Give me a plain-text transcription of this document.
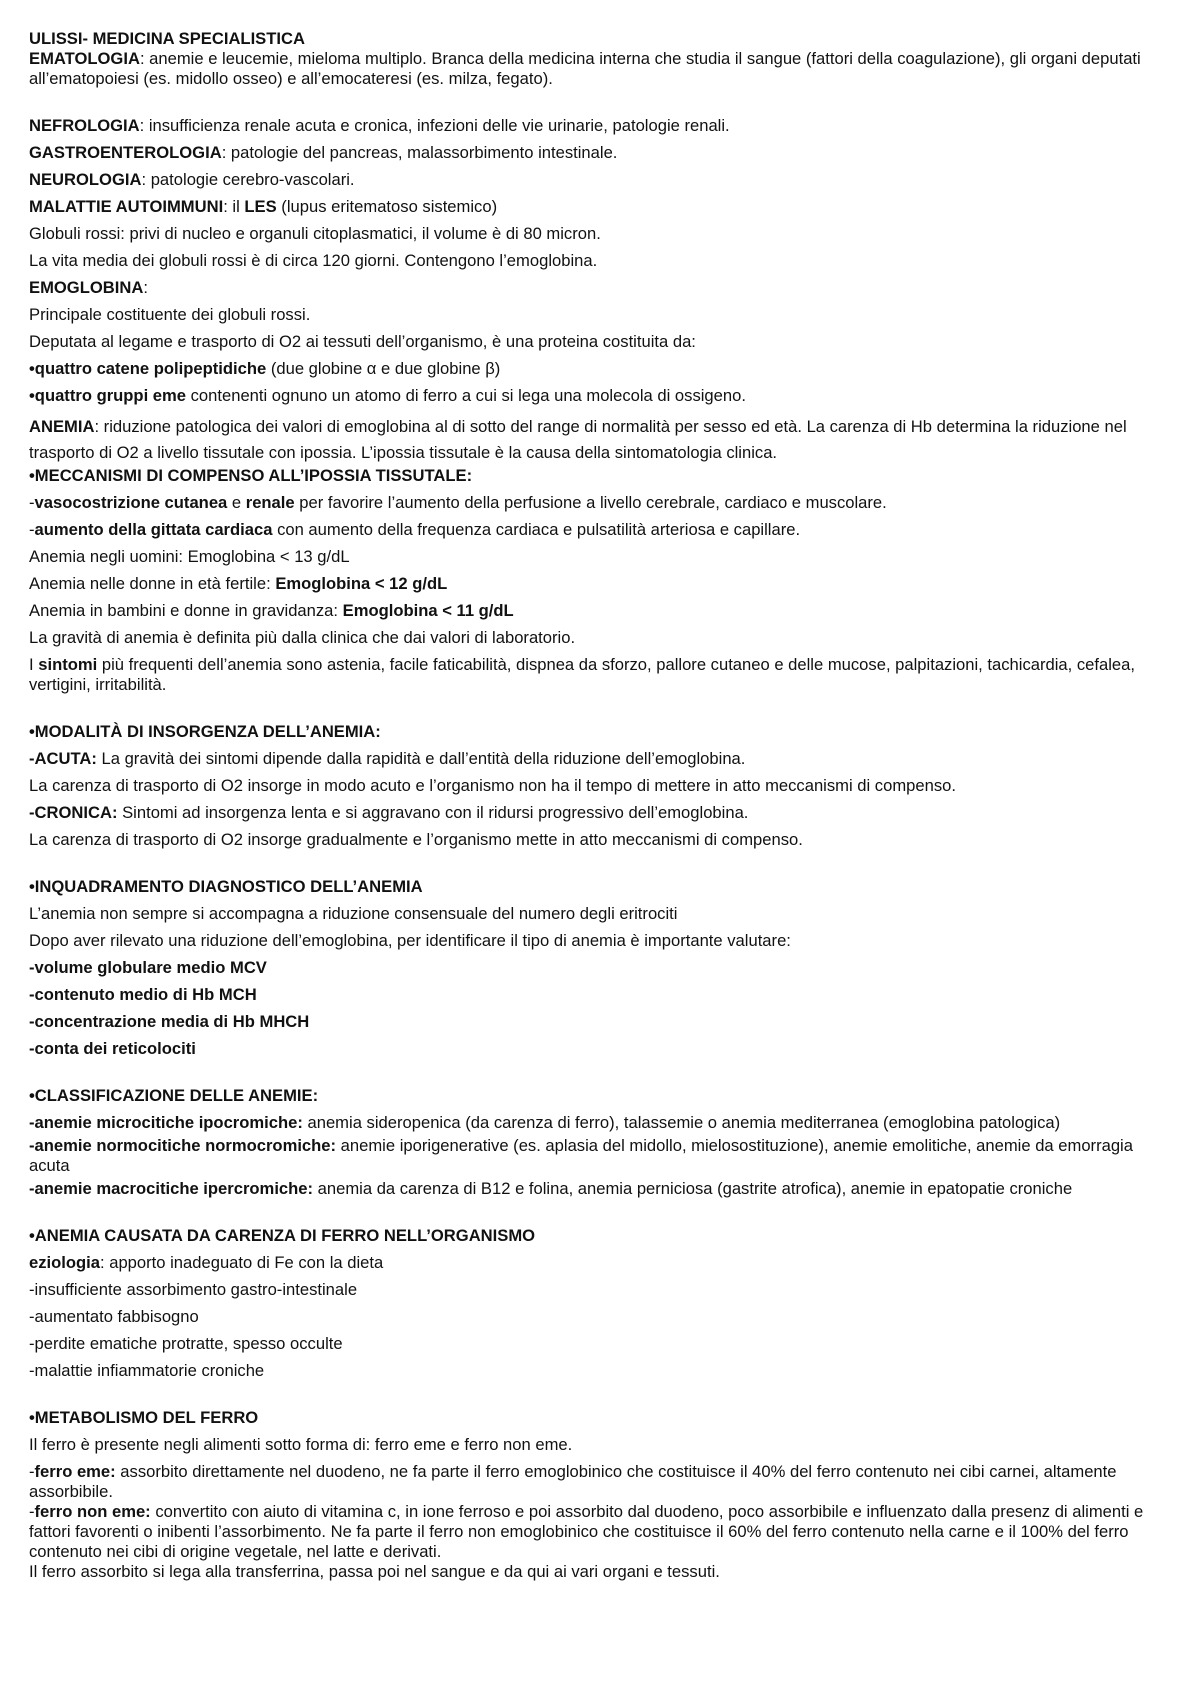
ULISSI- MEDICINA SPECIALISTICA
EMATOLOGIA: anemie e leucemie, mieloma multiplo. Branca della medicina interna che studia il sangue (fattori della coagulazione), gli organi deputati all’ematopoiesi (es. midollo osseo) e all’emocateresi (es. milza, fegato).
NEFROLOGIA: insufficienza renale acuta e cronica, infezioni delle vie urinarie, patologie renali.
GASTROENTEROLOGIA: patologie del pancreas, malassorbimento intestinale.
NEUROLOGIA: patologie cerebro-vascolari.
MALATTIE AUTOIMMUNI: il LES (lupus eritematoso sistemico)
Globuli rossi: privi di nucleo e organuli citoplasmatici, il volume è di 80 micron.
La vita media dei globuli rossi è di circa 120 giorni. Contengono l’emoglobina.
EMOGLOBINA:
Principale costituente dei globuli rossi.
Deputata al legame e trasporto di O2 ai tessuti dell’organismo, è una proteina costituita da:
•quattro catene polipeptidiche (due globine α e due globine β)
•quattro gruppi eme contenenti ognuno un atomo di ferro a cui si lega una molecola di ossigeno.
ANEMIA: riduzione patologica dei valori di emoglobina al di sotto del range di normalità per sesso ed età. La carenza di Hb determina la riduzione nel trasporto di O2 a livello tissutale con ipossia. L’ipossia tissutale è la causa della sintomatologia clinica.
•MECCANISMI DI COMPENSO ALL’IPOSSIA TISSUTALE:
-vasocostrizione cutanea e renale per favorire l’aumento della perfusione a livello cerebrale, cardiaco e muscolare.
-aumento della gittata cardiaca con aumento della frequenza cardiaca e pulsatilità arteriosa e capillare.
Anemia negli uomini: Emoglobina < 13 g/dL
Anemia nelle donne in età fertile: Emoglobina < 12 g/dL
Anemia in bambini e donne in gravidanza: Emoglobina < 11 g/dL
La gravità di anemia è definita più dalla clinica che dai valori di laboratorio.
I sintomi più frequenti dell’anemia sono astenia, facile faticabilità, dispnea da sforzo, pallore cutaneo e delle mucose, palpitazioni, tachicardia, cefalea, vertigini, irritabilità.
•MODALITÀ DI INSORGENZA DELL’ANEMIA:
-ACUTA: La gravità dei sintomi dipende dalla rapidità e dall’entità della riduzione dell’emoglobina.
La carenza di trasporto di O2 insorge in modo acuto e l’organismo non ha il tempo di mettere in atto meccanismi di compenso.
-CRONICA: Sintomi ad insorgenza lenta e si aggravano con il ridursi progressivo dell’emoglobina.
La carenza di trasporto di O2 insorge gradualmente e l’organismo mette in atto meccanismi di compenso.
•INQUADRAMENTO DIAGNOSTICO DELL’ANEMIA
L’anemia non sempre si accompagna a riduzione consensuale del numero degli eritrociti
Dopo aver rilevato una riduzione dell’emoglobina, per identificare il tipo di anemia è importante valutare:
-volume globulare medio MCV
-contenuto medio di Hb MCH
-concentrazione media di Hb MHCH
-conta dei reticolociti
•CLASSIFICAZIONE DELLE ANEMIE:
-anemie microcitiche ipocromiche: anemia sideropenica (da carenza di ferro), talassemie o anemia mediterranea (emoglobina patologica)
-anemie normocitiche normocromiche: anemie iporigenerative (es. aplasia del midollo, mielosostituzione), anemie emolitiche, anemie da emorragia acuta
-anemie macrocitiche ipercromiche: anemia da carenza di B12 e folina, anemia perniciosa (gastrite atrofica), anemie in epatopatie croniche
•ANEMIA CAUSATA DA CARENZA DI FERRO NELL’ORGANISMO
eziologia: apporto inadeguato di Fe con la dieta
-insufficiente assorbimento gastro-intestinale
-aumentato fabbisogno
-perdite ematiche protratte, spesso occulte
-malattie infiammatorie croniche
•METABOLISMO DEL FERRO
Il ferro è presente negli alimenti sotto forma di: ferro eme e ferro non eme.
-ferro eme: assorbito direttamente nel duodeno, ne fa parte il ferro emoglobinico che costituisce il 40% del ferro contenuto nei cibi carnei, altamente assorbibile.
-ferro non eme: convertito con aiuto di vitamina c, in ione ferroso e poi assorbito dal duodeno, poco assorbibile e influenzato dalla presenz di alimenti e fattori favorenti o inibenti l’assorbimento. Ne fa parte il ferro non emoglobinico che costituisce il 60% del ferro contenuto nella carne e il 100% del ferro contenuto nei cibi di origine vegetale, nel latte e derivati.
Il ferro assorbito si lega alla transferrina, passa poi nel sangue e da qui ai vari organi e tessuti.
